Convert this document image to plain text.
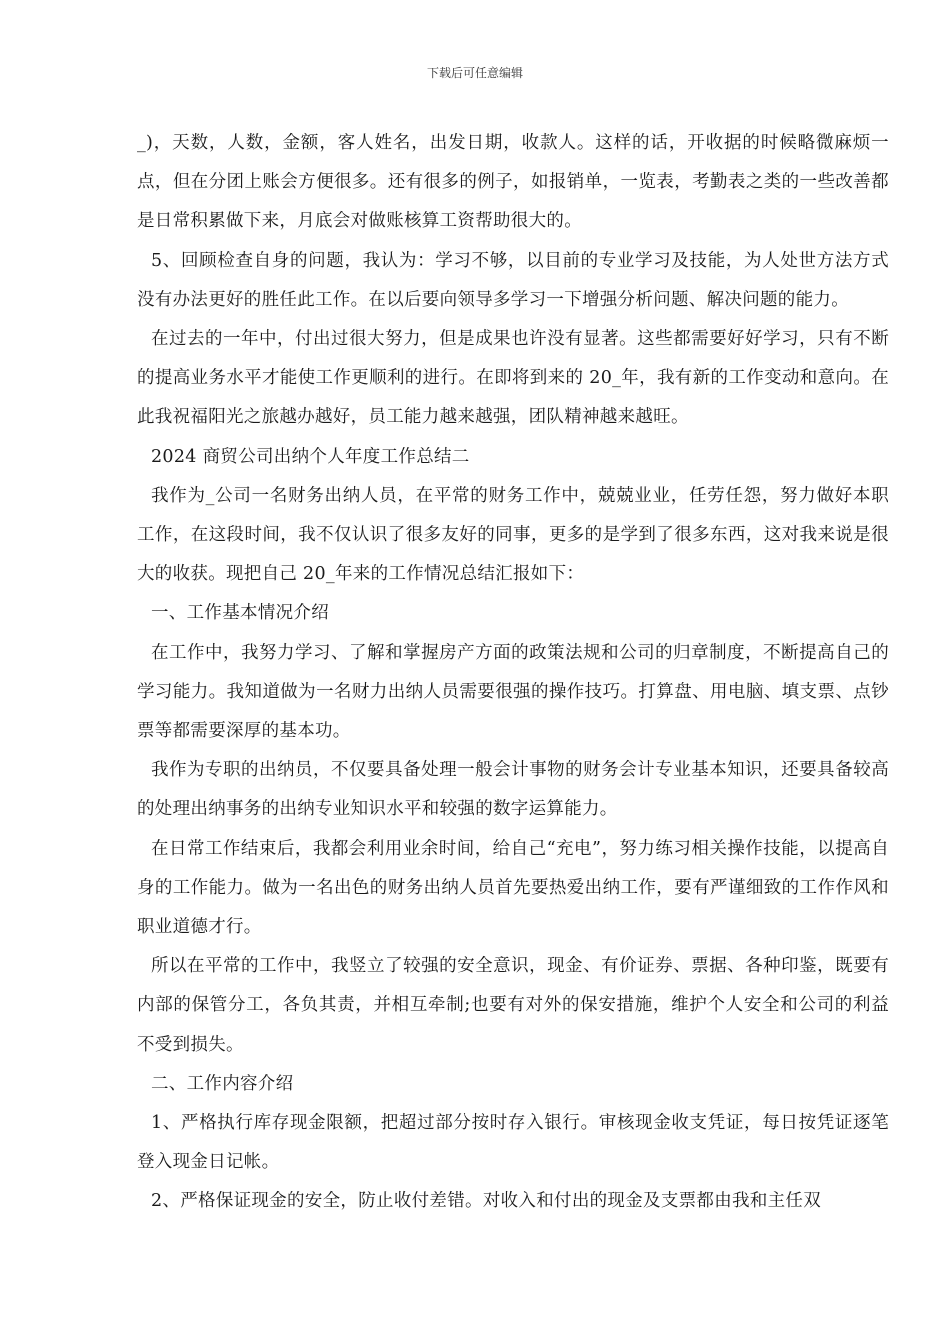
下载后可任意编辑

_)，天数，人数，金额，客人姓名，出发日期，收款人。这样的话，开收据的时候略微麻烦一点，但在分团上账会方便很多。还有很多的例子，如报销单，一览表，考勤表之类的一些改善都是日常积累做下来，月底会对做账核算工资帮助很大的。

5、回顾检查自身的问题，我认为：学习不够，以目前的专业学习及技能，为人处世方法方式没有办法更好的胜任此工作。在以后要向领导多学习一下增强分析问题、解决问题的能力。

在过去的一年中，付出过很大努力，但是成果也许没有显著。这些都需要好好学习，只有不断的提高业务水平才能使工作更顺利的进行。在即将到来的 20_年，我有新的工作变动和意向。在此我祝福阳光之旅越办越好，员工能力越来越强，团队精神越来越旺。

2024 商贸公司出纳个人年度工作总结二

我作为_公司一名财务出纳人员，在平常的财务工作中，兢兢业业，任劳任怨，努力做好本职工作，在这段时间，我不仅认识了很多友好的同事，更多的是学到了很多东西，这对我来说是很大的收获。现把自己 20_年来的工作情况总结汇报如下：

一、工作基本情况介绍

在工作中，我努力学习、了解和掌握房产方面的政策法规和公司的归章制度，不断提高自己的学习能力。我知道做为一名财力出纳人员需要很强的操作技巧。打算盘、用电脑、填支票、点钞票等都需要深厚的基本功。

我作为专职的出纳员，不仅要具备处理一般会计事物的财务会计专业基本知识，还要具备较高的处理出纳事务的出纳专业知识水平和较强的数字运算能力。

在日常工作结束后，我都会利用业余时间，给自己“充电”，努力练习相关操作技能，以提高自身的工作能力。做为一名出色的财务出纳人员首先要热爱出纳工作，要有严谨细致的工作作风和职业道德才行。

所以在平常的工作中，我竖立了较强的安全意识，现金、有价证券、票据、各种印鉴，既要有内部的保管分工，各负其责，并相互牵制;也要有对外的保安措施，维护个人安全和公司的利益不受到损失。

二、工作内容介绍

1、严格执行库存现金限额，把超过部分按时存入银行。审核现金收支凭证，每日按凭证逐笔登入现金日记帐。

2、严格保证现金的安全，防止收付差错。对收入和付出的现金及支票都由我和主任双
